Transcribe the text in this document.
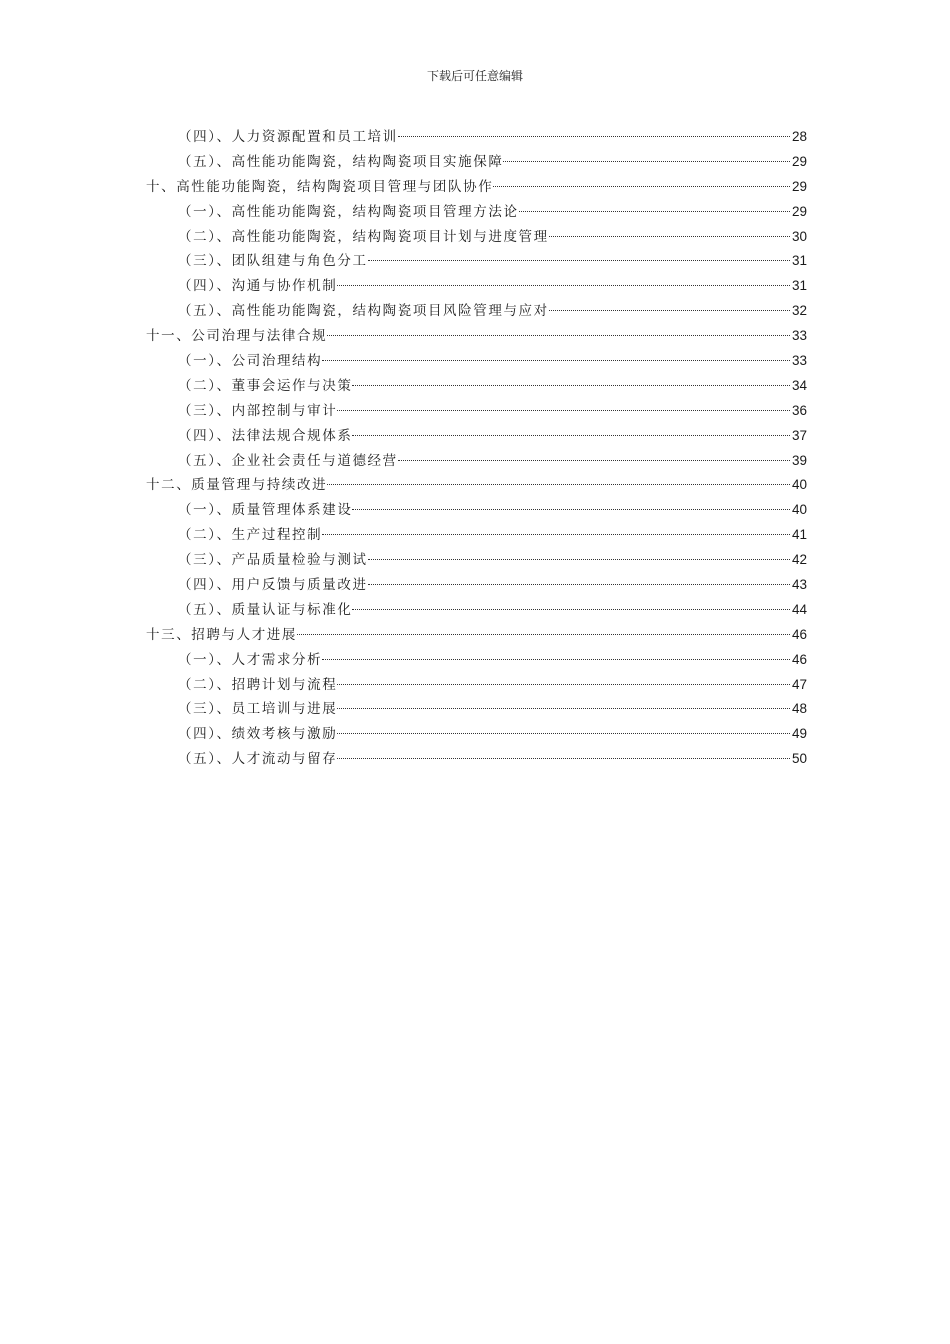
下载后可任意编辑
（四）、人力资源配置和员工培训	28
（五）、高性能功能陶瓷，结构陶瓷项目实施保障	29
十、高性能功能陶瓷，结构陶瓷项目管理与团队协作	29
（一）、高性能功能陶瓷，结构陶瓷项目管理方法论	29
（二）、高性能功能陶瓷，结构陶瓷项目计划与进度管理	30
（三）、团队组建与角色分工	31
（四）、沟通与协作机制	31
（五）、高性能功能陶瓷，结构陶瓷项目风险管理与应对	32
十一、公司治理与法律合规	33
（一）、公司治理结构	33
（二）、董事会运作与决策	34
（三）、内部控制与审计	36
（四）、法律法规合规体系	37
（五）、企业社会责任与道德经营	39
十二、质量管理与持续改进	40
（一）、质量管理体系建设	40
（二）、生产过程控制	41
（三）、产品质量检验与测试	42
（四）、用户反馈与质量改进	43
（五）、质量认证与标准化	44
十三、招聘与人才进展	46
（一）、人才需求分析	46
（二）、招聘计划与流程	47
（三）、员工培训与进展	48
（四）、绩效考核与激励	49
（五）、人才流动与留存	50
